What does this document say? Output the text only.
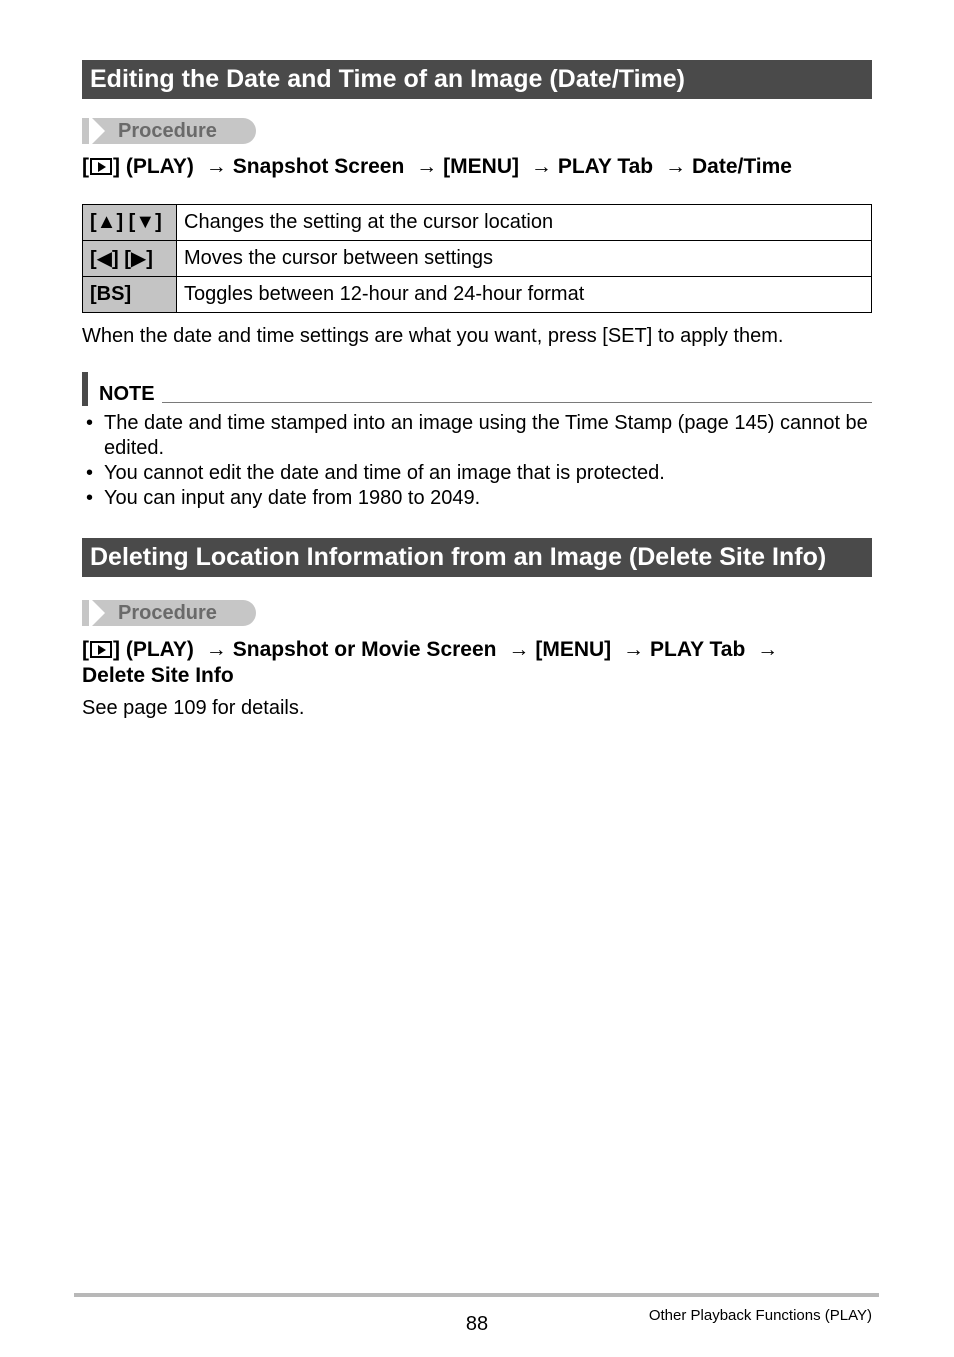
Editing the Date and Time of an Image (Date/Time)
Procedure
[ ] (PLAY) → Snapshot Screen → [MENU] → PLAY Tab → Date/Time
[▲] [▼]	Changes the setting at the cursor location
[◀] [▶]	Moves the cursor between settings
[BS]	Toggles between 12-hour and 24-hour format
When the date and time settings are what you want, press [SET] to apply them.
NOTE
• The date and time stamped into an image using the Time Stamp (page 145) cannot be edited.
• You cannot edit the date and time of an image that is protected.
• You can input any date from 1980 to 2049.
Deleting Location Information from an Image (Delete Site Info)
Procedure
[ ] (PLAY) → Snapshot or Movie Screen → [MENU] → PLAY Tab →
Delete Site Info
See page 109 for details.
88	Other Playback Functions (PLAY)
